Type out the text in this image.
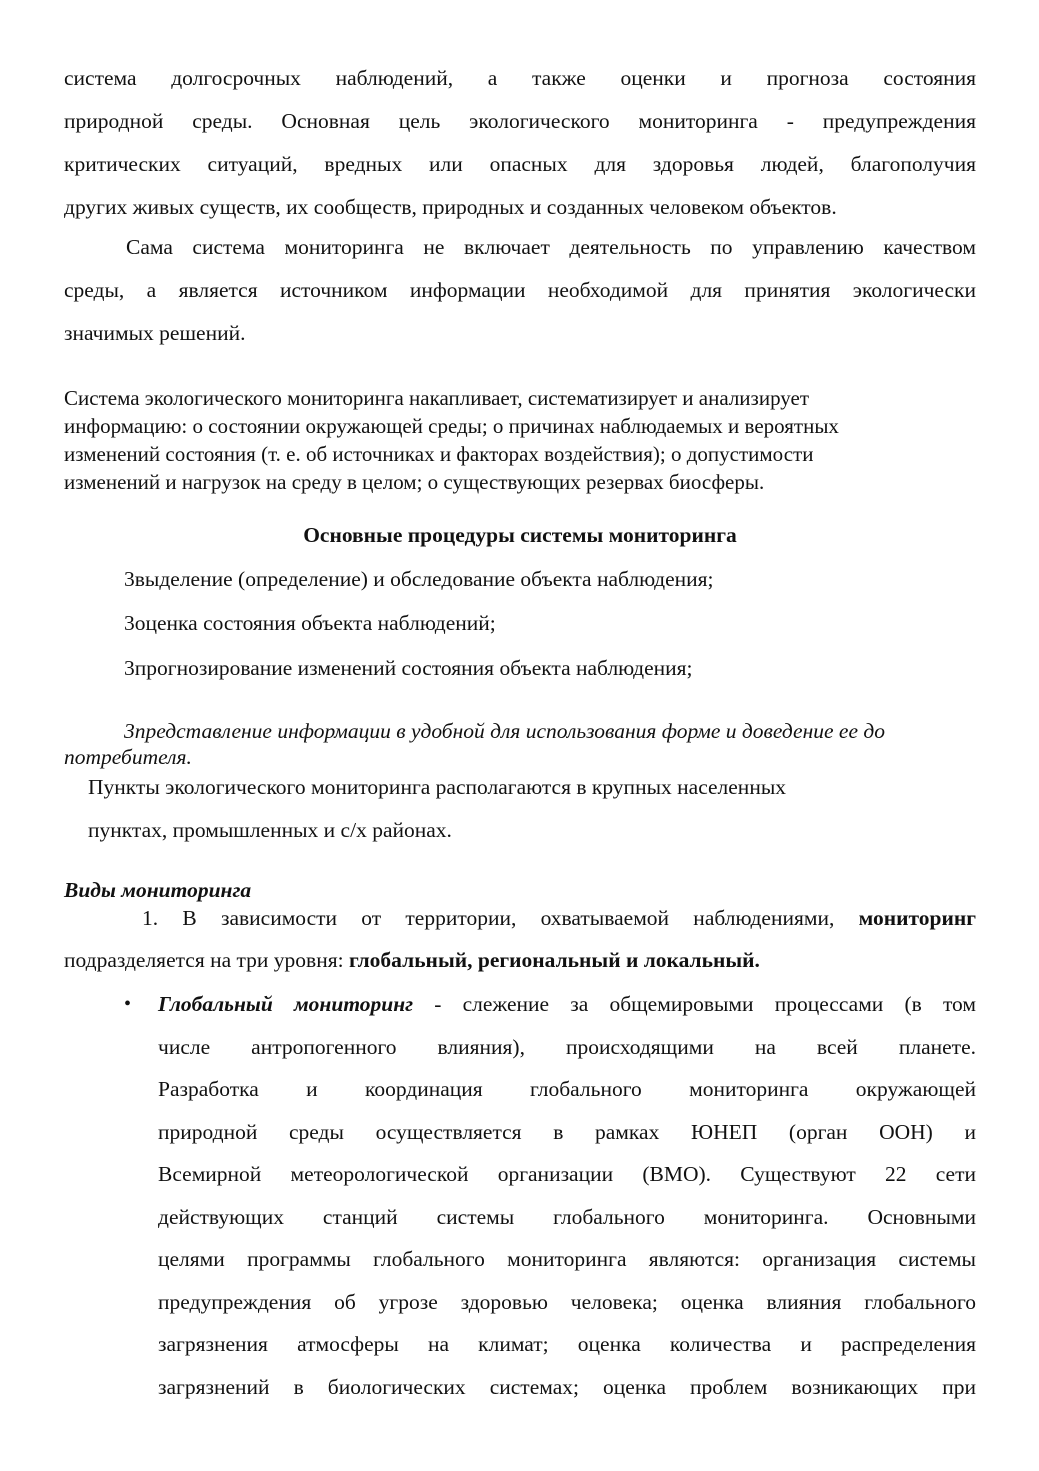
система долгосрочных наблюдений, а также оценки и прогноза состояния
природной среды. Основная цель экологического мониторинга - предупреждения
критических ситуаций, вредных или опасных для здоровья людей, благополучия
других живых существ, их сообществ, природных и созданных человеком объектов.
Сама система мониторинга не включает деятельность по управлению качеством
среды, а является источником информации необходимой для принятия экологически
значимых решений.
Система экологического мониторинга накапливает, систематизирует и анализирует
информацию: о состоянии окружающей среды; о причинах наблюдаемых и вероятных
изменений состояния (т. е. об источниках и факторах воздействия); о допустимости
изменений и нагрузок на среду в целом; о существующих резервах биосферы.
Основные процедуры системы мониторинга
3выделение (определение) и обследование объекта наблюдения;
3оценка состояния объекта наблюдений;
3прогнозирование изменений состояния объекта наблюдения;
3представление информации в удобной для использования форме и доведение ее до
потребителя.
Пункты экологического мониторинга располагаются в крупных населенных
пунктах, промышленных и с/х районах.
Виды мониторинга
1. В зависимости от территории, охватываемой наблюдениями, мониторинг
подразделяется на три уровня: глобальный, региональный и локальный.
• Глобальный мониторинг - слежение за общемировыми процессами (в том
числе антропогенного влияния), происходящими на всей планете.
Разработка и координация глобального мониторинга окружающей
природной среды осуществляется в рамках ЮНЕП (орган ООН) и
Всемирной метеорологической организации (ВМО). Существуют 22 сети
действующих станций системы глобального мониторинга. Основными
целями программы глобального мониторинга являются: организация системы
предупреждения об угрозе здоровью человека; оценка влияния глобального
загрязнения атмосферы на климат; оценка количества и распределения
загрязнений в биологических системах; оценка проблем возникающих при
